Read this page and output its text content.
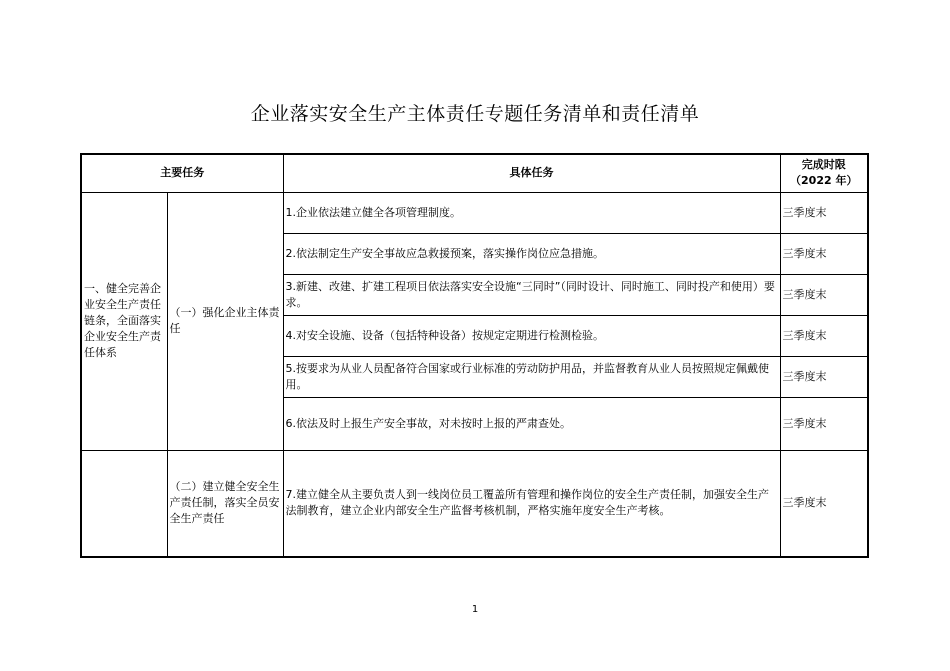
企业落实安全生产主体责任专题任务清单和责任清单
主要任务		具体任务	完成时限
（2022 年）

一、健全完善企业安全生产责任链条，全面落实企业安全生产责任体系	（一）强化企业主体责任	1.企业依法建立健全各项管理制度。	三季度末
		2.依法制定生产安全事故应急救援预案，落实操作岗位应急措施。	三季度末
		3.新建、改建、扩建工程项目依法落实安全设施“三同时”（同时设计、同时施工、同时投产和使用）要求。	三季度末
		4.对安全设施、设备（包括特种设备）按规定定期进行检测检验。	三季度末
		5.按要求为从业人员配备符合国家或行业标准的劳动防护用品，并监督教育从业人员按照规定佩戴使用。	三季度末
		6.依法及时上报生产安全事故，对未按时上报的严肃查处。	三季度末
	（二）建立健全安全生产责任制，落实全员安全生产责任	7.建立健全从主要负责人到一线岗位员工覆盖所有管理和操作岗位的安全生产责任制，加强安全生产法制教育，建立企业内部安全生产监督考核机制，严格实施年度安全生产考核。	三季度末
1
